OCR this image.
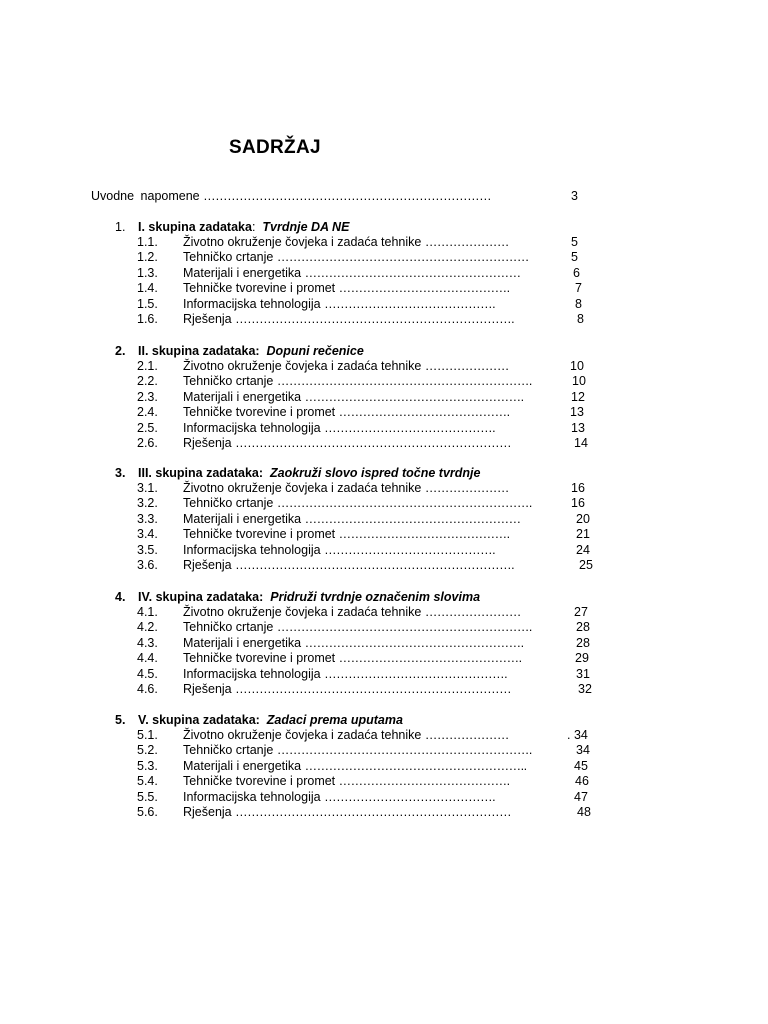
SADRŽAJ
Uvodne napomene ………………………………………………………………	3
1. I. skupina zadataka: Tvrdnje DA NE
1.1. Životno okruženje čovjeka i zadaća tehnike …………………	5
1.2. Tehničko crtanje ………………………………………………………	5
1.3. Materijali i energetika ………………………………………………	6
1.4. Tehničke tvorevine i promet …………………………………….	7
1.5. Informacijska tehnologija …………………………………….	8
1.6. Rješenja …………………………………………………………….	8
2. II. skupina zadataka: Dopuni rečenice
2.1. Životno okruženje čovjeka i zadaća tehnike …………………	10
2.2. Tehničko crtanje ……………………………………………………….	10
2.3. Materijali i energetika ……………………………………………….	12
2.4. Tehničke tvorevine i promet …………………………………….	13
2.5. Informacijska tehnologija …………………………………….	13
2.6. Rješenja ……………………………………………………………	14
3. III. skupina zadataka: Zaokruži slovo ispred točne tvrdnje
3.1. Životno okruženje čovjeka i zadaća tehnike …………………	16
3.2. Tehničko crtanje ……………………………………………………….	16
3.3. Materijali i energetika ………………………………………………	20
3.4. Tehničke tvorevine i promet …………………………………….	21
3.5. Informacijska tehnologija …………………………………….	24
3.6. Rješenja …………………………………………………………….	25
4. IV. skupina zadataka: Pridruži tvrdnje označenim slovima
4.1. Životno okruženje čovjeka i zadaća tehnike ……………………	27
4.2. Tehničko crtanje ……………………………………………………….	28
4.3. Materijali i energetika ……………………………………………….	28
4.4. Tehničke tvorevine i promet ……………………………………….	29
4.5. Informacijska tehnologija ……………………………………….	31
4.6. Rješenja ……………………………………………………………	32
5. V. skupina zadataka: Zadaci prema uputama
5.1. Životno okruženje čovjeka i zadaća tehnike …………………	. 34
5.2. Tehničko crtanje ……………………………………………………….	34
5.3. Materijali i energetika ………………………………………………..	45
5.4. Tehničke tvorevine i promet …………………………………….	46
5.5. Informacijska tehnologija …………………………………….	47
5.6. Rješenja ……………………………………………………………	48
